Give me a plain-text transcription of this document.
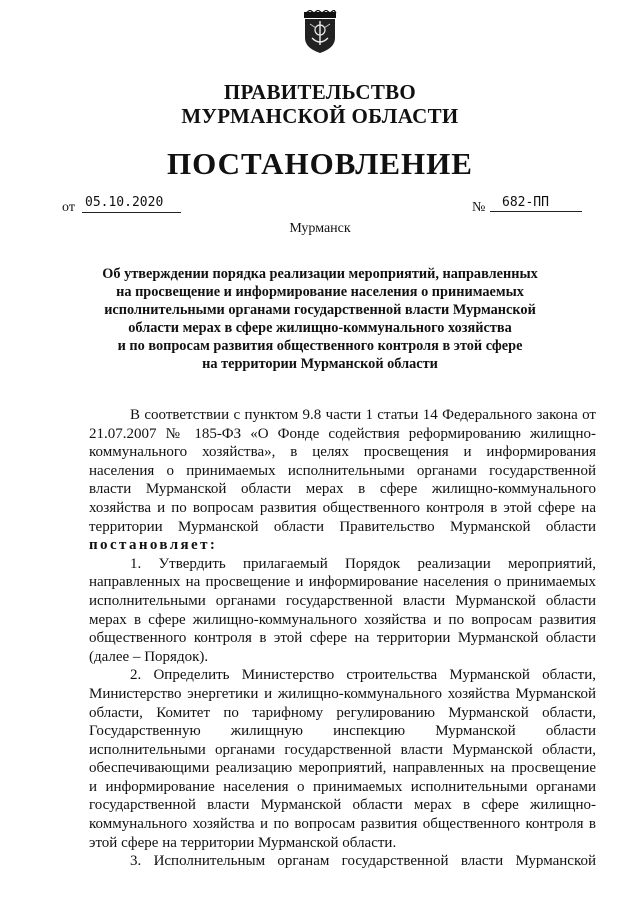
ПРАВИТЕЛЬСТВО
МУРМАНСКОЙ ОБЛАСТИ
ПОСТАНОВЛЕНИЕ
от 05.10.2020	№	682-ПП
Мурманск
Об утверждении порядка реализации мероприятий, направленных
на просвещение и информирование населения о принимаемых
исполнительными органами государственной власти Мурманской
области мерах в сфере жилищно-коммунального хозяйства
и по вопросам развития общественного контроля в этой сфере
на территории Мурманской области
В соответствии с пунктом 9.8 части 1 статьи 14 Федерального закона от
21.07.2007 № 185-ФЗ «О Фонде содействия реформированию жилищно-
коммунального хозяйства», в целях просвещения и информирования
населения о принимаемых исполнительными органами государственной
власти Мурманской области мерах в сфере жилищно-коммунального
хозяйства и по вопросам развития общественного контроля в этой сфере на
территории Мурманской области Правительство Мурманской области
постановляет:
1. Утвердить прилагаемый Порядок реализации мероприятий,
направленных на просвещение и информирование населения о принимаемых
исполнительными органами государственной власти Мурманской области
мерах в сфере жилищно-коммунального хозяйства и по вопросам развития
общественного контроля в этой сфере на территории Мурманской области
(далее – Порядок).
2. Определить Министерство строительства Мурманской области,
Министерство энергетики и жилищно-коммунального хозяйства Мурманской
области, Комитет по тарифному регулированию Мурманской области,
Государственную жилищную инспекцию Мурманской области
исполнительными органами государственной власти Мурманской области,
обеспечивающими реализацию мероприятий, направленных на просвещение
и информирование населения о принимаемых исполнительными органами
государственной власти Мурманской области мерах в сфере жилищно-
коммунального хозяйства и по вопросам развития общественного контроля в
этой сфере на территории Мурманской области.
3. Исполнительным органам государственной власти Мурманской
